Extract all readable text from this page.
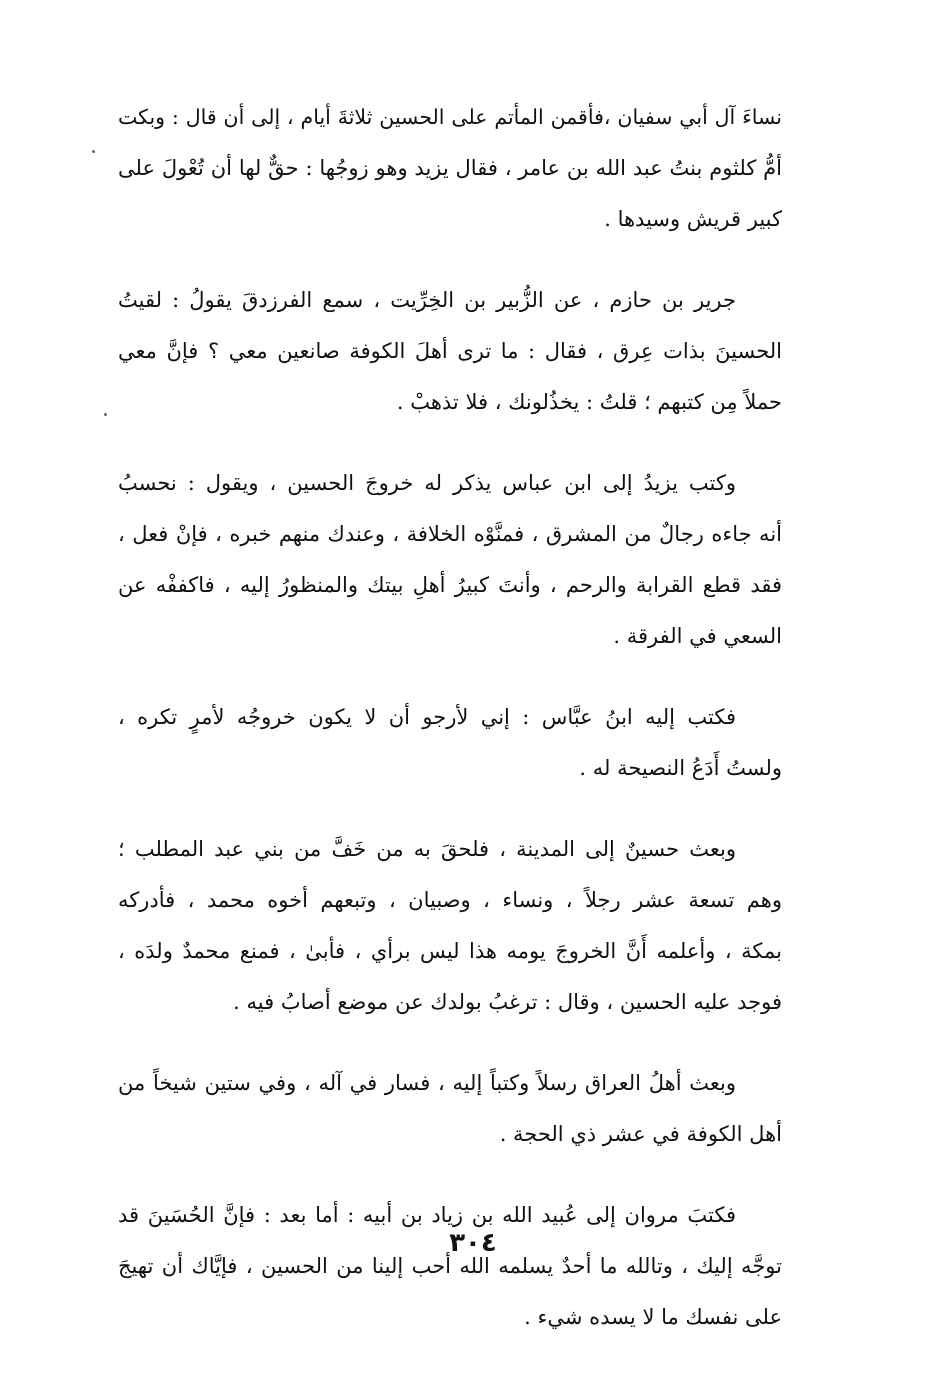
نساءَ آل أبي سفيان ،فأقمن المأتم على الحسين ثلاثةَ أيام ، إلى أن قال : وبكت
أمُّ كلثوم بنتُ عبد الله بن عامر ، فقال يزيد وهو زوجُها : حقٌّ لها أن تُعْولَ على
كبير قريش وسيدها .
جرير بن حازم ، عن الزُّبير بن الخِرِّيت ، سمع الفرزدقَ يقولُ : لقيتُ
الحسينَ بذات عِرق ، فقال : ما ترى أهلَ الكوفة صانعين معي ؟ فإنَّ معي
حملاً مِن كتبهم ؛ قلتُ : يخذُلونك ، فلا تذهبْ .
وكتب يزيدُ إلى ابن عباس يذكر له خروجَ الحسين ، ويقول : نحسبُ
أنه جاءه رجالٌ من المشرق ، فمنَّوْه الخلافة ، وعندك منهم خبره ، فإنْ فعل ،
فقد قطع القرابة والرحم ، وأنتَ كبيرُ أهلِ بيتك والمنظورُ إليه ، فاكففْه عن
السعي في الفرقة .
فكتب إليه ابنُ عبَّاس : إني لأرجو أن لا يكون خروجُه لأمرٍ تكره ،
ولستُ أَدَعُ النصيحة له .
وبعث حسينٌ إلى المدينة ، فلحقَ به من خَفَّ من بني عبد المطلب ؛
وهم تسعة عشر رجلاً ، ونساء ، وصبيان ، وتبعهم أخوه محمد ، فأدركه
بمكة ، وأعلمه أَنَّ الخروجَ يومه هذا ليس برأي ، فأبىٰ ، فمنع محمدٌ ولدَه ،
فوجد عليه الحسين ، وقال : ترغبُ بولدك عن موضع أصابُ فيه .
وبعث أهلُ العراق رسلاً وكتباً إليه ، فسار في آله ، وفي ستين شيخاً من
أهل الكوفة في عشر ذي الحجة .
فكتبَ مروان إلى عُبيد الله بن زياد بن أبيه : أما بعد : فإنَّ الحُسَينَ قد
توجَّه إليك ، وتالله ما أحدٌ يسلمه الله أحب إلينا من الحسين ، فإيَّاك أن تهيجَ
على نفسك ما لا يسده شيء .
٣٠٤
